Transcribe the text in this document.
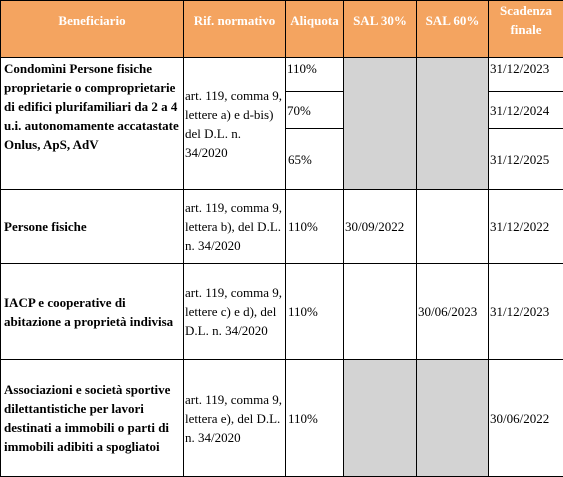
Beneficiario	Rif. normativo	Aliquota	SAL 30%	SAL 60%	Scadenza finale
Condomìni Persone fisiche proprietarie o comproprietarie di edifici plurifamiliari da 2 a 4 u.i. autonomamente accatastate Onlus, ApS, AdV	art. 119, comma 9, lettere a) e d-bis) del D.L. n. 34/2020	110%			31/12/2023
		70%			31/12/2024
		65%			31/12/2025
Persone fisiche	art. 119, comma 9, lettera b), del D.L. n. 34/2020	110%	30/09/2022		31/12/2022
IACP e cooperative di abitazione a proprietà indivisa	art. 119, comma 9, lettere c) e d), del D.L. n. 34/2020	110%		30/06/2023	31/12/2023
Associazioni e società sportive dilettantistiche per lavori destinati a immobili o parti di immobili adibiti a spogliatoi	art. 119, comma 9, lettera e), del D.L. n. 34/2020	110%			30/06/2022
